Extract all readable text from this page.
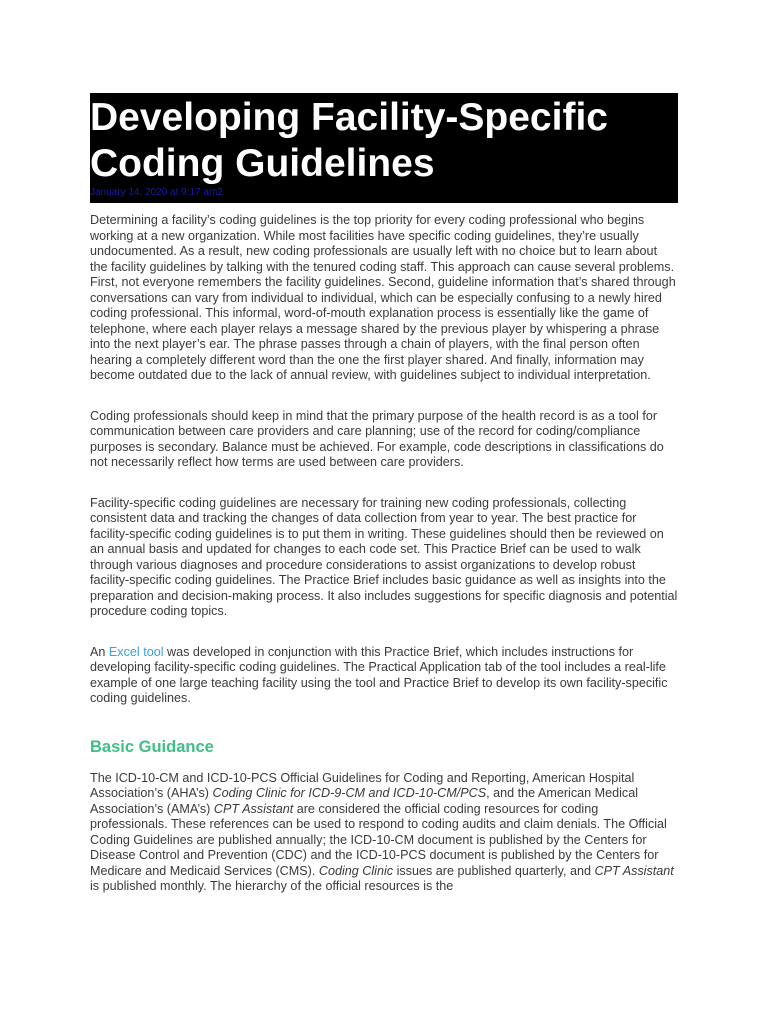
Developing Facility-Specific Coding Guidelines
January 14, 2020 at 9:17 am2

Determining a facility’s coding guidelines is the top priority for every coding professional who begins working at a new organization. While most facilities have specific coding guidelines, they’re usually undocumented. As a result, new coding professionals are usually left with no choice but to learn about the facility guidelines by talking with the tenured coding staff. This approach can cause several problems. First, not everyone remembers the facility guidelines. Second, guideline information that’s shared through conversations can vary from individual to individual, which can be especially confusing to a newly hired coding professional. This informal, word-of-mouth explanation process is essentially like the game of telephone, where each player relays a message shared by the previous player by whispering a phrase into the next player’s ear. The phrase passes through a chain of players, with the final person often hearing a completely different word than the one the first player shared. And finally, information may become outdated due to the lack of annual review, with guidelines subject to individual interpretation.

Coding professionals should keep in mind that the primary purpose of the health record is as a tool for communication between care providers and care planning; use of the record for coding/compliance purposes is secondary. Balance must be achieved. For example, code descriptions in classifications do not necessarily reflect how terms are used between care providers.

Facility-specific coding guidelines are necessary for training new coding professionals, collecting consistent data and tracking the changes of data collection from year to year. The best practice for facility-specific coding guidelines is to put them in writing. These guidelines should then be reviewed on an annual basis and updated for changes to each code set. This Practice Brief can be used to walk through various diagnoses and procedure considerations to assist organizations to develop robust facility-specific coding guidelines. The Practice Brief includes basic guidance as well as insights into the preparation and decision-making process. It also includes suggestions for specific diagnosis and potential procedure coding topics.

An Excel tool was developed in conjunction with this Practice Brief, which includes instructions for developing facility-specific coding guidelines. The Practical Application tab of the tool includes a real-life example of one large teaching facility using the tool and Practice Brief to develop its own facility-specific coding guidelines.

Basic Guidance

The ICD-10-CM and ICD-10-PCS Official Guidelines for Coding and Reporting, American Hospital Association’s (AHA’s) Coding Clinic for ICD-9-CM and ICD-10-CM/PCS, and the American Medical Association’s (AMA’s) CPT Assistant are considered the official coding resources for coding professionals. These references can be used to respond to coding audits and claim denials. The Official Coding Guidelines are published annually; the ICD-10-CM document is published by the Centers for Disease Control and Prevention (CDC) and the ICD-10-PCS document is published by the Centers for Medicare and Medicaid Services (CMS). Coding Clinic issues are published quarterly, and CPT Assistant is published monthly. The hierarchy of the official resources is the
